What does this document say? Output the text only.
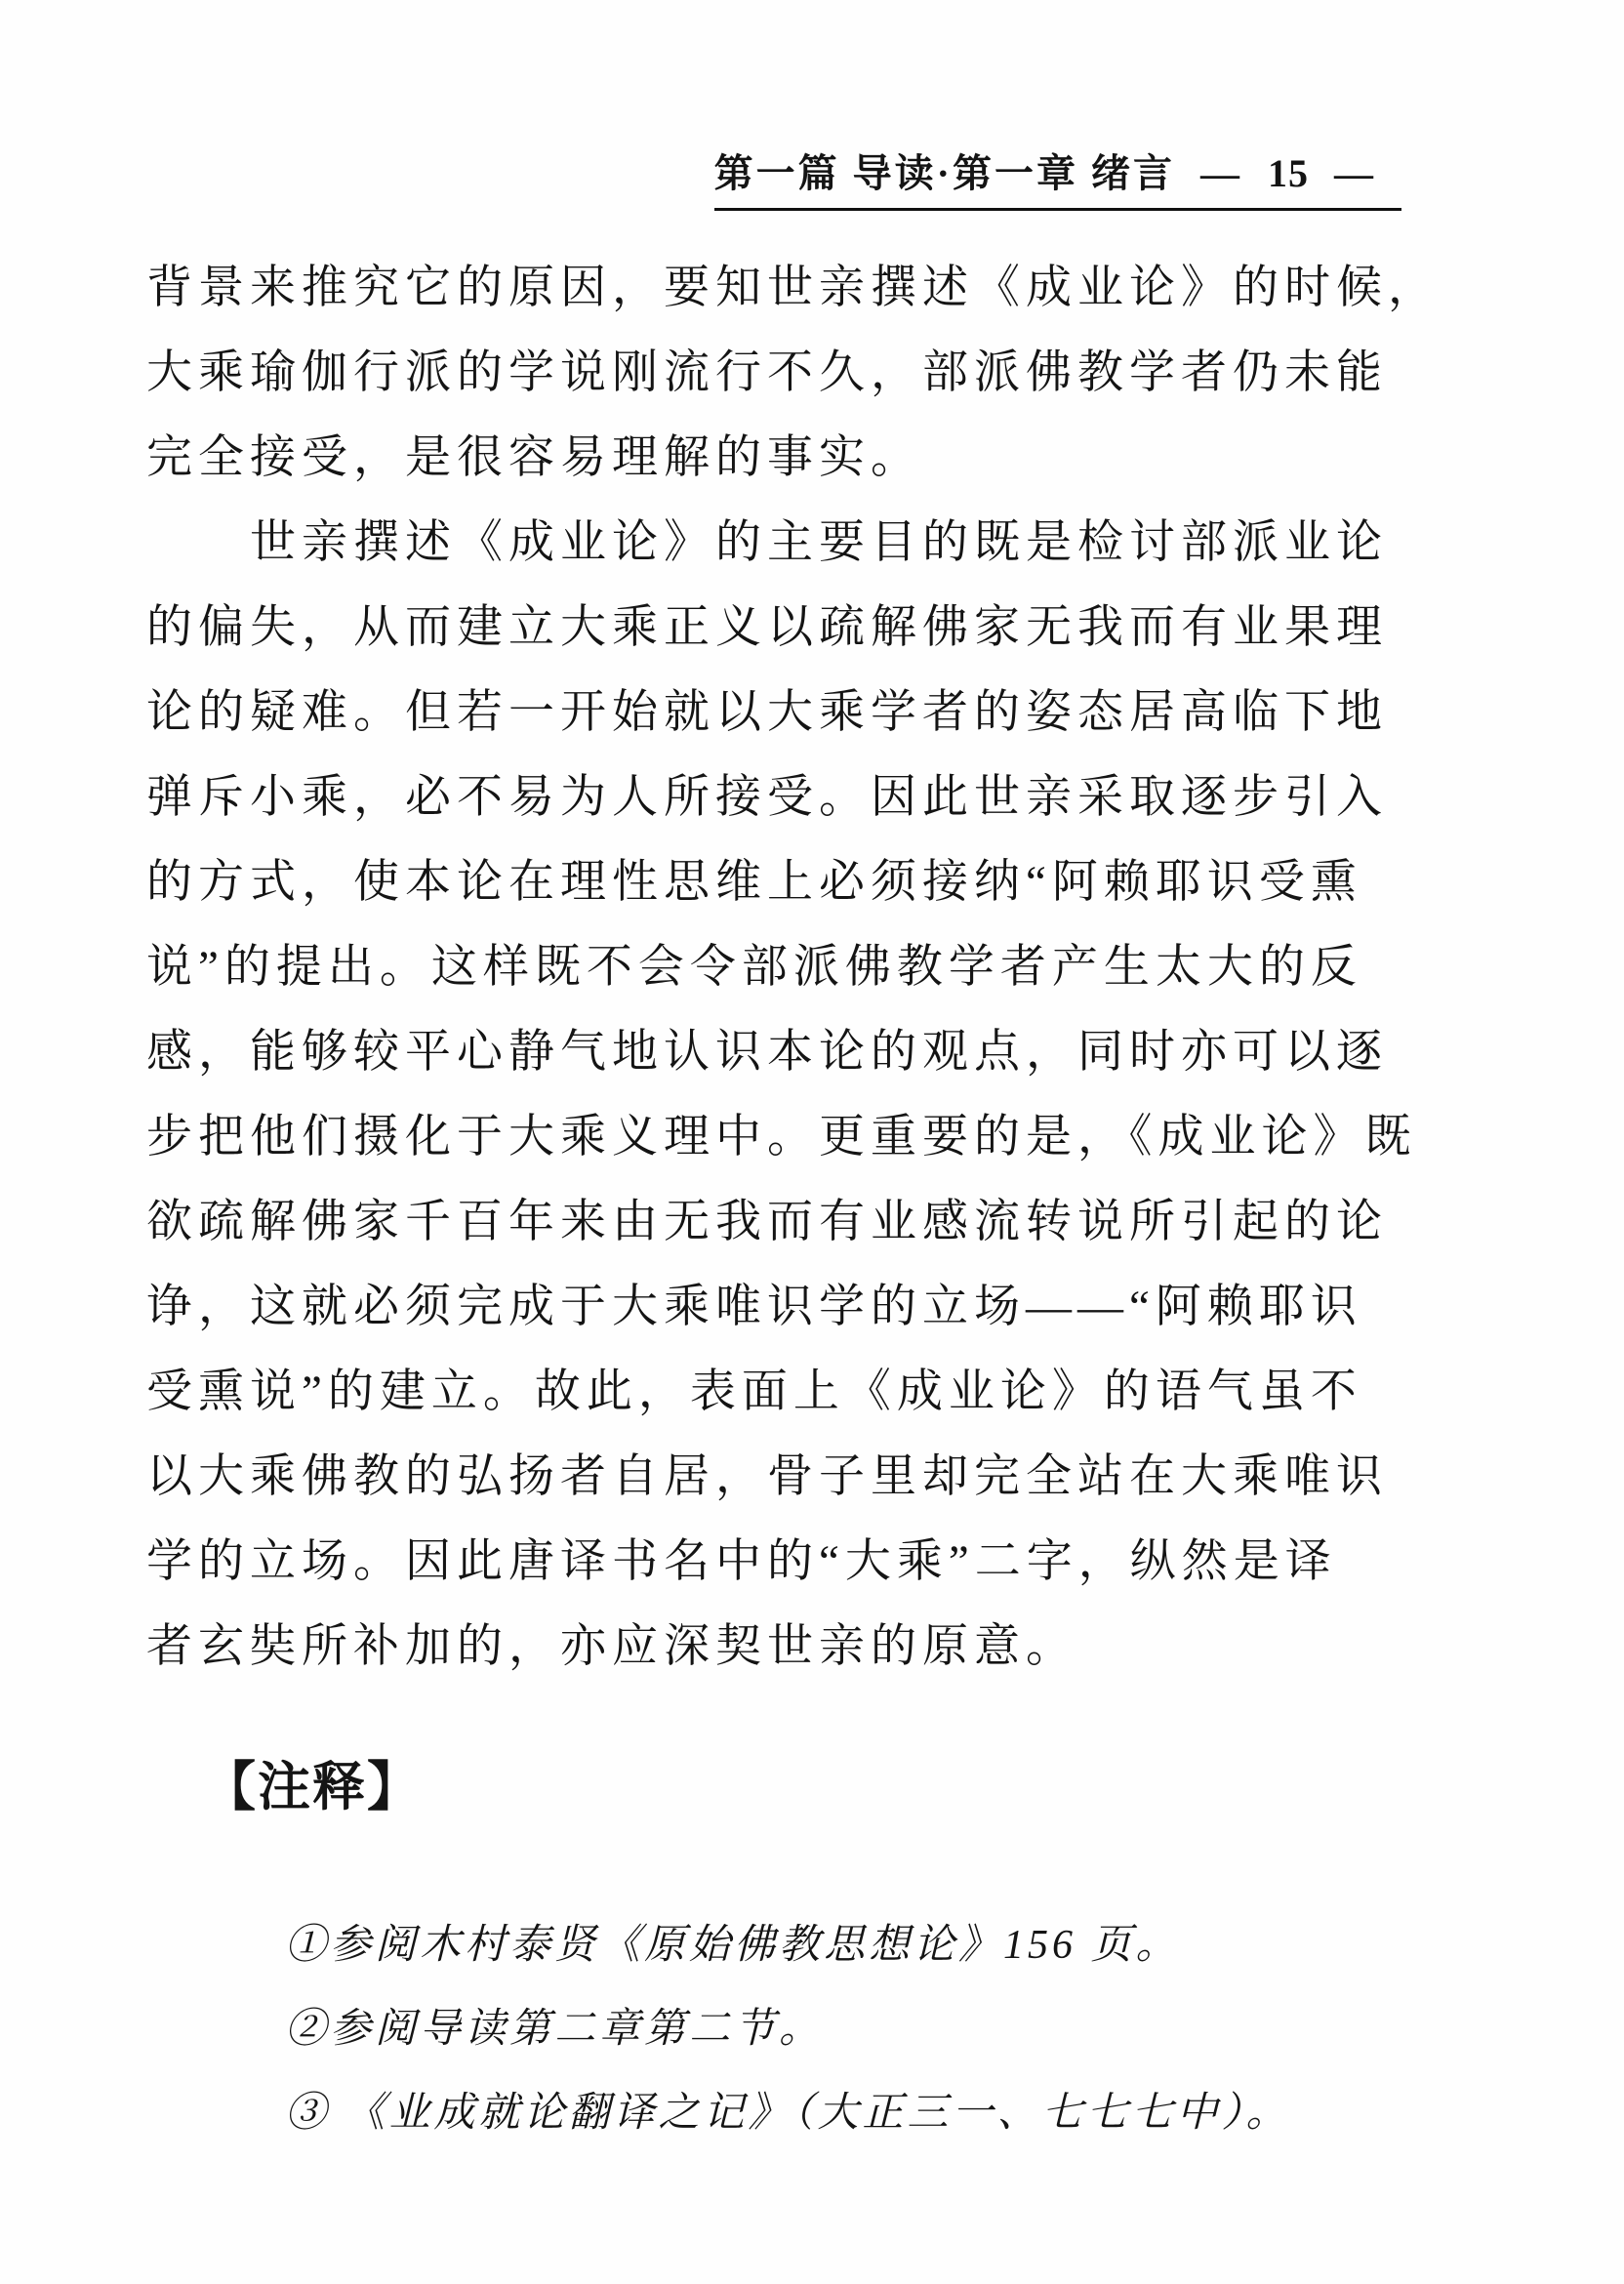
第一篇 导读·第一章 绪言 — 15 —
背景来推究它的原因，要知世亲撰述《成业论》的时候，
大乘瑜伽行派的学说刚流行不久，部派佛教学者仍未能
完全接受，是很容易理解的事实。
世亲撰述《成业论》的主要目的既是检讨部派业论
的偏失，从而建立大乘正义以疏解佛家无我而有业果理
论的疑难。但若一开始就以大乘学者的姿态居高临下地
弹斥小乘，必不易为人所接受。因此世亲采取逐步引入
的方式，使本论在理性思维上必须接纳“阿赖耶识受熏
说”的提出。这样既不会令部派佛教学者产生太大的反
感，能够较平心静气地认识本论的观点，同时亦可以逐
步把他们摄化于大乘义理中。更重要的是，《成业论》既
欲疏解佛家千百年来由无我而有业感流转说所引起的论
诤，这就必须完成于大乘唯识学的立场——“阿赖耶识
受熏说”的建立。故此，表面上《成业论》的语气虽不
以大乘佛教的弘扬者自居，骨子里却完全站在大乘唯识
学的立场。因此唐译书名中的“大乘”二字，纵然是译
者玄奘所补加的，亦应深契世亲的原意。
【注释】
①参阅木村泰贤《原始佛教思想论》156 页。
②参阅导读第二章第二节。
③ 《业成就论翻译之记》（大正三一、七七七中）。
